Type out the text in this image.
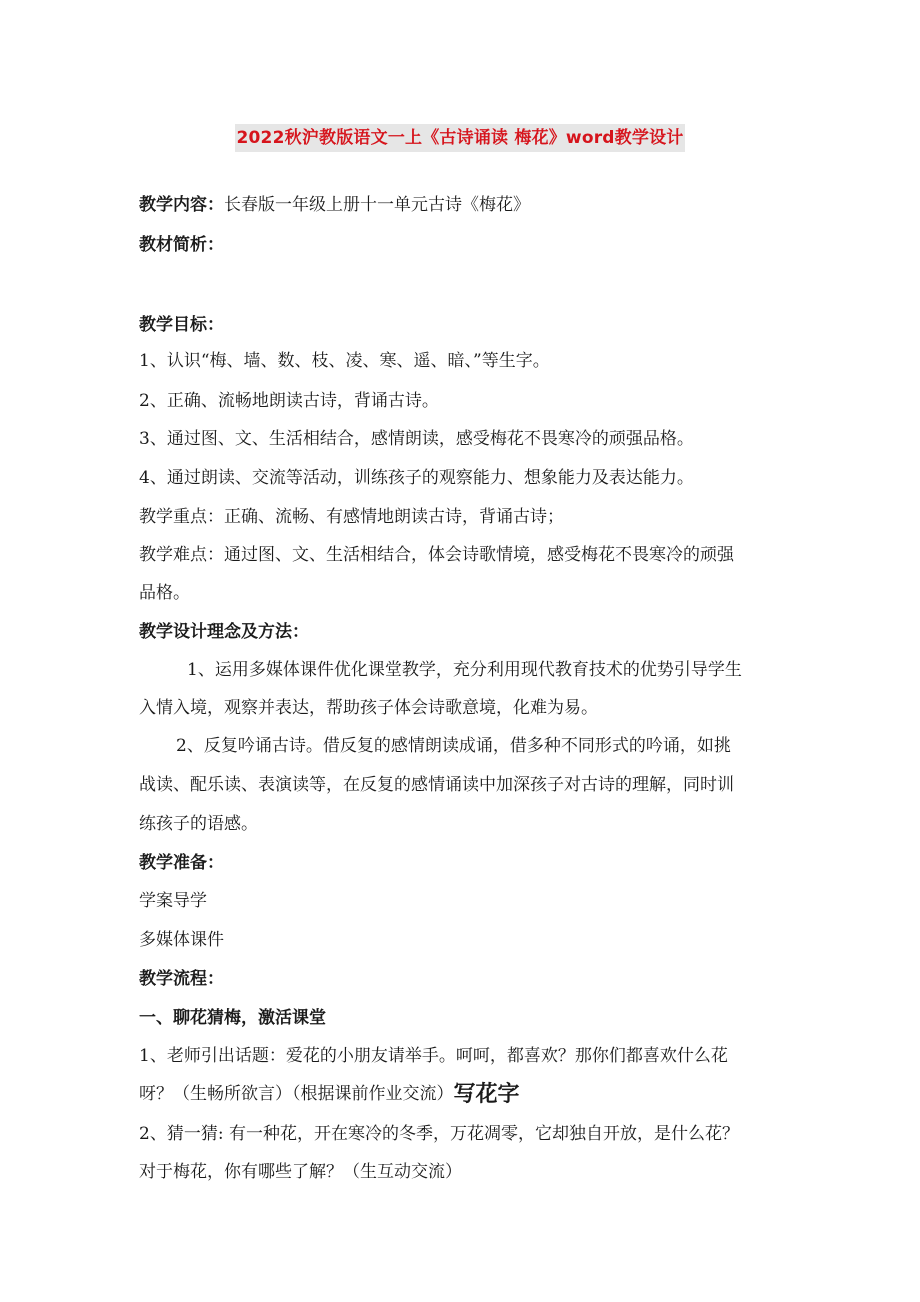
2022秋沪教版语文一上《古诗诵读 梅花》word教学设计
教学内容：长春版一年级上册十一单元古诗《梅花》
教材简析：
教学目标：
1、认识“梅、墙、数、枝、凌、寒、遥、暗、”等生字。
2、正确、流畅地朗读古诗，背诵古诗。
3、通过图、文、生活相结合，感情朗读，感受梅花不畏寒冷的顽强品格。
4、通过朗读、交流等活动，训练孩子的观察能力、想象能力及表达能力。
教学重点：正确、流畅、有感情地朗读古诗，背诵古诗；
教学难点：通过图、文、生活相结合，体会诗歌情境，感受梅花不畏寒冷的顽强
品格。
教学设计理念及方法：
1、运用多媒体课件优化课堂教学，充分利用现代教育技术的优势引导学生
入情入境，观察并表达，帮助孩子体会诗歌意境，化难为易。
2、反复吟诵古诗。借反复的感情朗读成诵，借多种不同形式的吟诵，如挑
战读、配乐读、表演读等，在反复的感情诵读中加深孩子对古诗的理解，同时训
练孩子的语感。
教学准备：
学案导学
多媒体课件
教学流程：
一、聊花猜梅，激活课堂
1、老师引出话题：爱花的小朋友请举手。呵呵，都喜欢？那你们都喜欢什么花
呀？（生畅所欲言）（根据课前作业交流）写花字
2、猜一猜: 有一种花，开在寒冷的冬季，万花凋零，它却独自开放，是什么花？
对于梅花，你有哪些了解？（生互动交流）
